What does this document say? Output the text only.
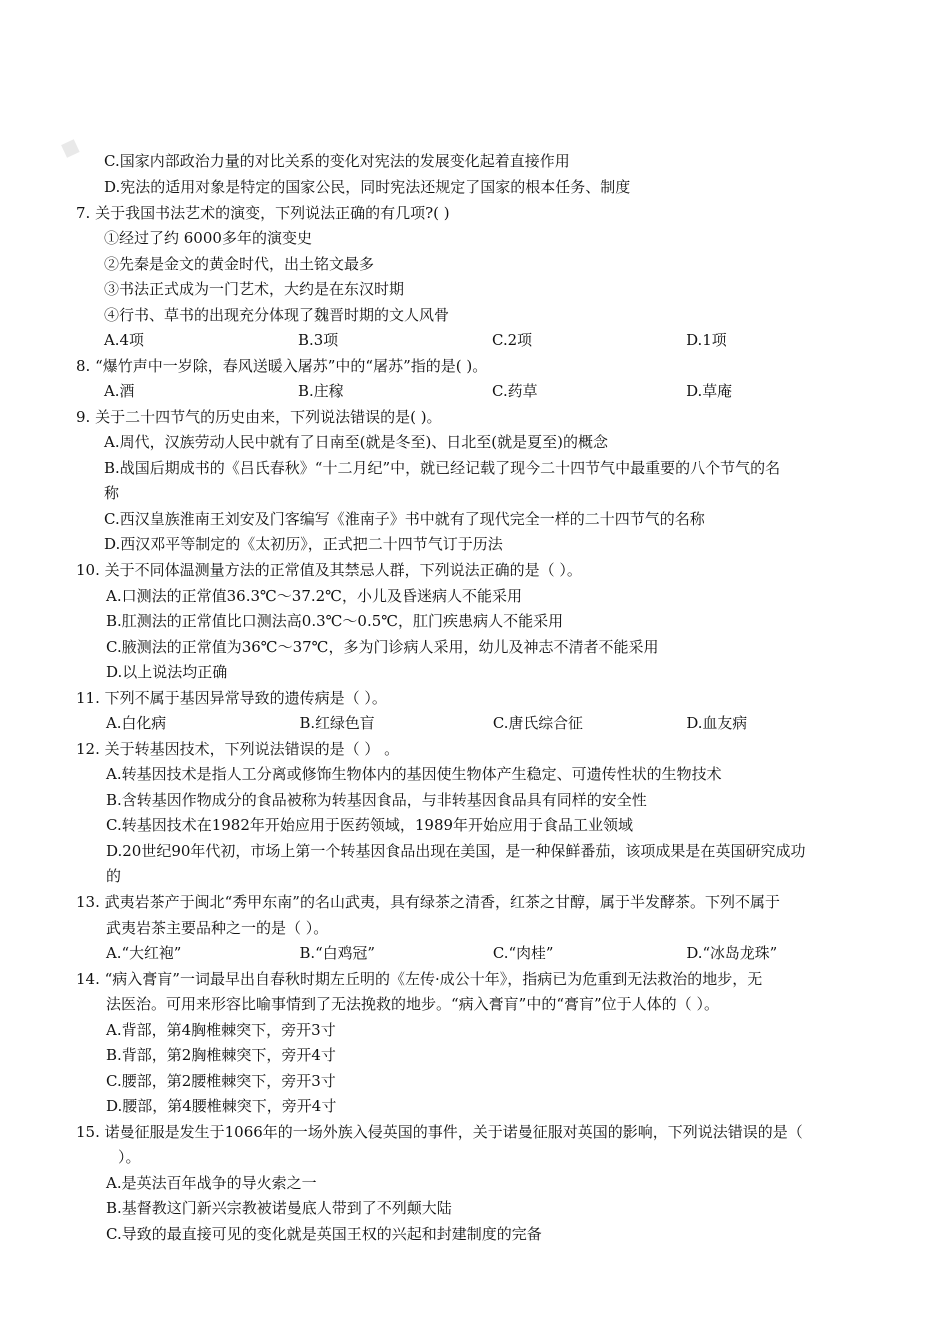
▪ C.国家内部政治力量的对比关系的变化对宪法的发展变化起着直接作用
D.宪法的适用对象是特定的国家公民，同时宪法还规定了国家的根本任务、制度
7. 关于我国书法艺术的演变，下列说法正确的有几项?( )
①经过了约 6000多年的演变史
②先秦是金文的黄金时代，出土铭文最多
③书法正式成为一门艺术，大约是在东汉时期
④行书、草书的出现充分体现了魏晋时期的文人风骨
A.4项	B.3项	C.2项	D.1项
8. “爆竹声中一岁除，春风送暖入屠苏”中的“屠苏”指的是( )。
A.酒	B.庄稼	C.药草	D.草庵
9. 关于二十四节气的历史由来，下列说法错误的是( )。
A.周代，汉族劳动人民中就有了日南至(就是冬至)、日北至(就是夏至)的概念
B.战国后期成书的《吕氏春秋》“十二月纪”中，就已经记载了现今二十四节气中最重要的八个节气的名
称
C.西汉皇族淮南王刘安及门客编写《淮南子》书中就有了现代完全一样的二十四节气的名称
D.西汉邓平等制定的《太初历》，正式把二十四节气订于历法
10. 关于不同体温测量方法的正常值及其禁忌人群，下列说法正确的是（ ）。
A.口测法的正常值36.3℃～37.2℃，小儿及昏迷病人不能采用
B.肛测法的正常值比口测法高0.3℃～0.5℃，肛门疾患病人不能采用
C.腋测法的正常值为36℃～37℃，多为门诊病人采用，幼儿及神志不清者不能采用
D.以上说法均正确
11. 下列不属于基因异常导致的遗传病是（ ）。
A.白化病	B.红绿色盲	C.唐氏综合征	D.血友病
12. 关于转基因技术，下列说法错误的是（ ） 。
A.转基因技术是指人工分离或修饰生物体内的基因使生物体产生稳定、可遗传性状的生物技术
B.含转基因作物成分的食品被称为转基因食品，与非转基因食品具有同样的安全性
C.转基因技术在1982年开始应用于医药领域，1989年开始应用于食品工业领域
D.20世纪90年代初，市场上第一个转基因食品出现在美国，是一种保鲜番茄，该项成果是在英国研究成功
的
13. 武夷岩茶产于闽北“秀甲东南”的名山武夷，具有绿茶之清香，红茶之甘醇，属于半发酵茶。下列不属于
武夷岩茶主要品种之一的是（ ）。
A.“大红袍”	B.“白鸡冠”	C.“肉桂”	D.“冰岛龙珠”
14. “病入膏肓”一词最早出自春秋时期左丘明的《左传·成公十年》，指病已为危重到无法救治的地步，无
法医治。可用来形容比喻事情到了无法挽救的地步。“病入膏肓”中的“膏肓”位于人体的（ ）。
A.背部，第4胸椎棘突下，旁开3寸
B.背部，第2胸椎棘突下，旁开4寸
C.腰部，第2腰椎棘突下，旁开3寸
D.腰部，第4腰椎棘突下，旁开4寸
15. 诺曼征服是发生于1066年的一场外族入侵英国的事件，关于诺曼征服对英国的影响，下列说法错误的是（
）。
A.是英法百年战争的导火索之一
B.基督教这门新兴宗教被诺曼底人带到了不列颠大陆
C.导致的最直接可见的变化就是英国王权的兴起和封建制度的完备
